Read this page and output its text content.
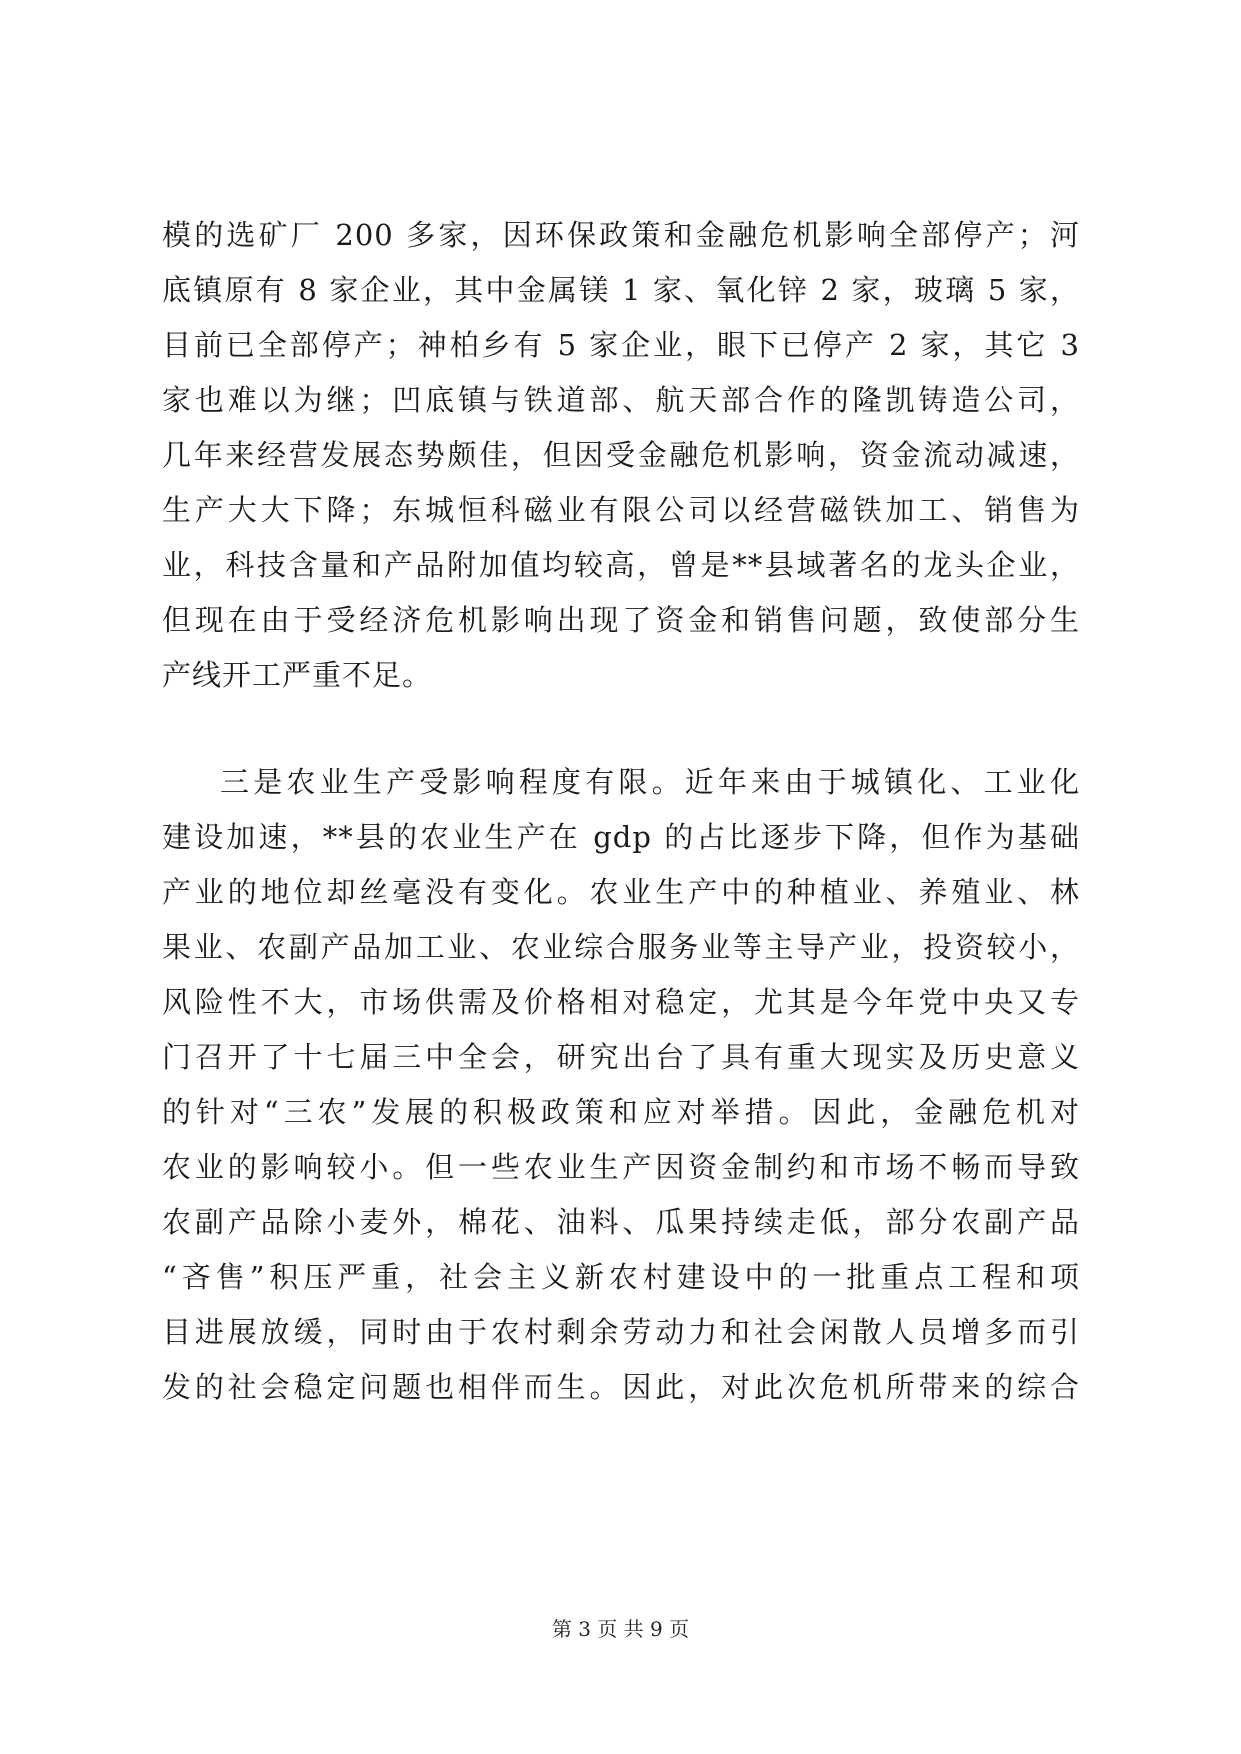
模的选矿厂 200 多家，因环保政策和金融危机影响全部停产；河
底镇原有 8 家企业，其中金属镁 1 家、氧化锌 2 家，玻璃 5 家，
目前已全部停产；神柏乡有 5 家企业，眼下已停产 2 家，其它 3
家也难以为继；凹底镇与铁道部、航天部合作的隆凯铸造公司，
几年来经营发展态势颇佳，但因受金融危机影响，资金流动减速，
生产大大下降；东城恒科磁业有限公司以经营磁铁加工、销售为
业，科技含量和产品附加值均较高，曾是**县域著名的龙头企业，
但现在由于受经济危机影响出现了资金和销售问题，致使部分生
产线开工严重不足。
三是农业生产受影响程度有限。近年来由于城镇化、工业化
建设加速，**县的农业生产在 gdp 的占比逐步下降，但作为基础
产业的地位却丝毫没有变化。农业生产中的种植业、养殖业、林
果业、农副产品加工业、农业综合服务业等主导产业，投资较小，
风险性不大，市场供需及价格相对稳定，尤其是今年党中央又专
门召开了十七届三中全会，研究出台了具有重大现实及历史意义
的针对“三农”发展的积极政策和应对举措。因此，金融危机对
农业的影响较小。但一些农业生产因资金制约和市场不畅而导致
农副产品除小麦外，棉花、油料、瓜果持续走低，部分农副产品
“吝售”积压严重，社会主义新农村建设中的一批重点工程和项
目进展放缓，同时由于农村剩余劳动力和社会闲散人员增多而引
发的社会稳定问题也相伴而生。因此，对此次危机所带来的综合
第 3 页 共 9 页
